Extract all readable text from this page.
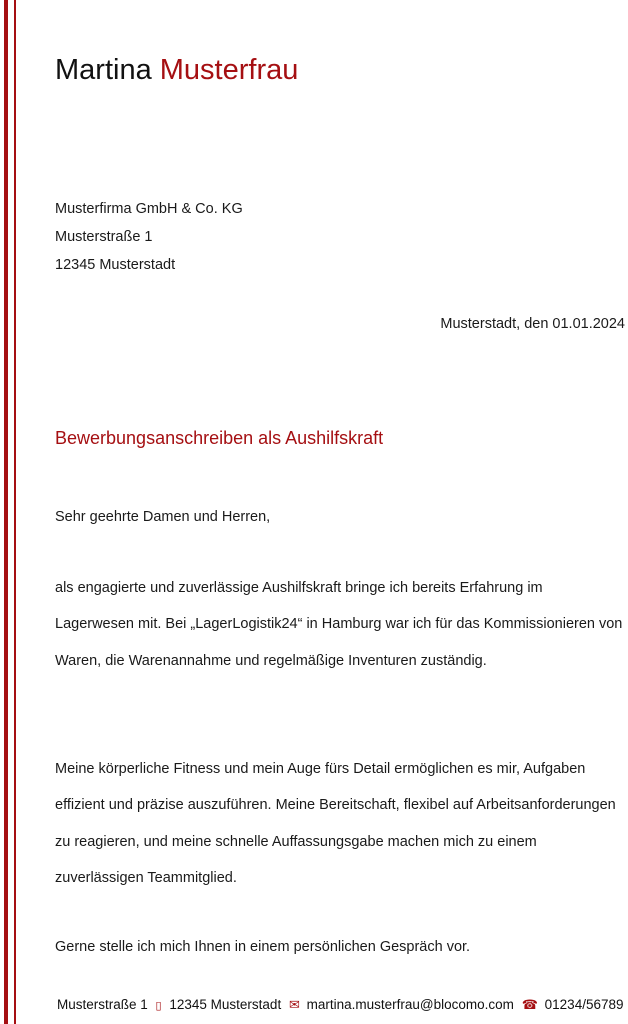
Martina Musterfrau
Musterfirma GmbH & Co. KG
Musterstraße 1
12345 Musterstadt
Musterstadt, den 01.01.2024
Bewerbungsanschreiben als Aushilfskraft
Sehr geehrte Damen und Herren,

als engagierte und zuverlässige Aushilfskraft bringe ich bereits Erfahrung im Lagerwesen mit. Bei „LagerLogistik24“ in Hamburg war ich für das Kommissionieren von Waren, die Warenannahme und regelmäßige Inventuren zuständig.

Meine körperliche Fitness und mein Auge fürs Detail ermöglichen es mir, Aufgaben effizient und präzise auszuführen. Meine Bereitschaft, flexibel auf Arbeitsanforderungen zu reagieren, und meine schnelle Auffassungsgabe machen mich zu einem zuverlässigen Teammitglied.

Gerne stelle ich mich Ihnen in einem persönlichen Gespräch vor.
Musterstraße 1 ▯ 12345 Musterstadt ✉ martina.musterfrau@blocomo.com ☎ 01234/56789
